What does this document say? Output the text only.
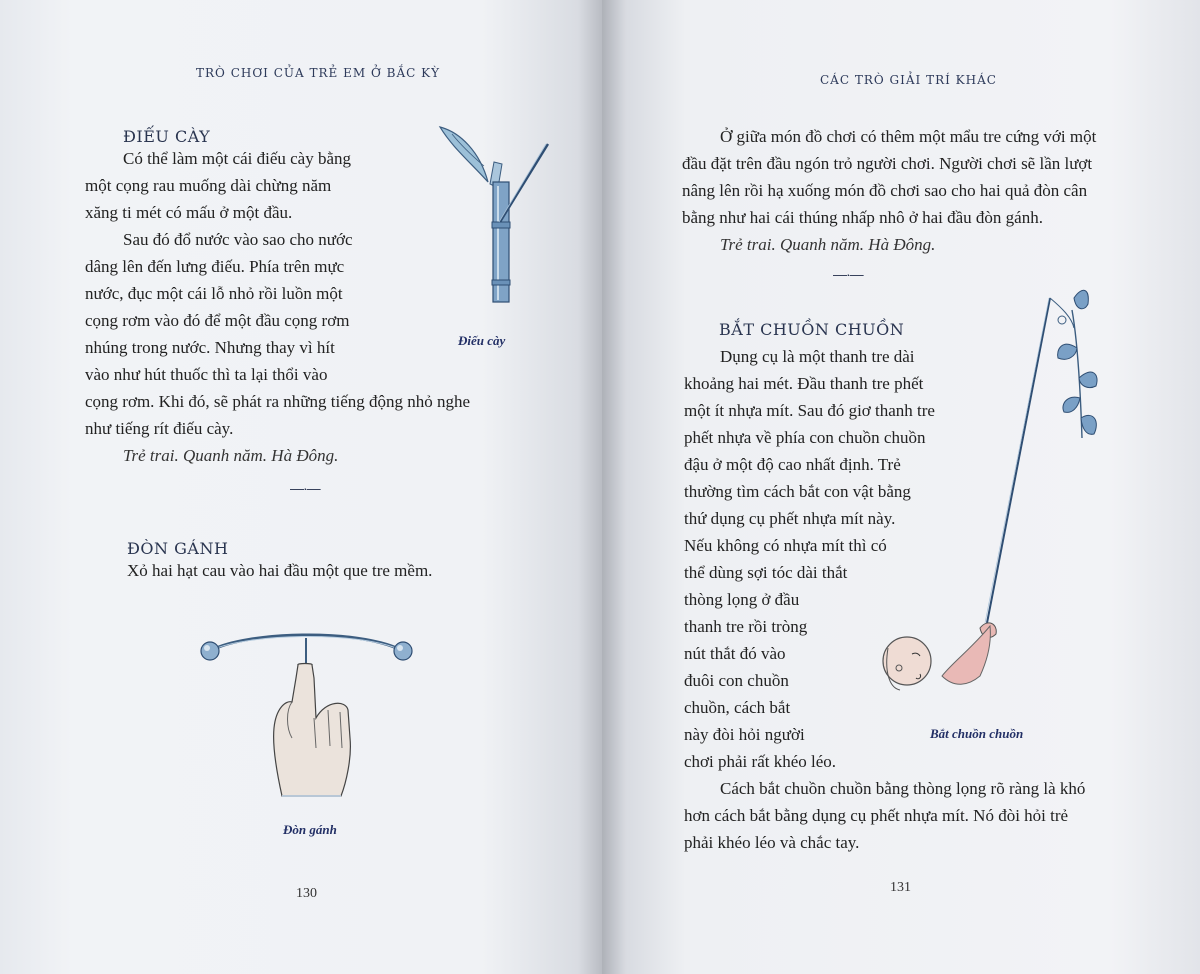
TRÒ CHƠI CỦA TRẺ EM Ở BẮC KỲ
ĐIẾU CÀY
Có thể làm một cái điếu cày bằng
một cọng rau muống dài chừng năm
xăng ti mét có mấu ở một đầu.
Sau đó đổ nước vào sao cho nước
dâng lên đến lưng điếu. Phía trên mực
nước, đục một cái lỗ nhỏ rồi luồn một
cọng rơm vào đó để một đầu cọng rơm
nhúng trong nước. Nhưng thay vì hít
vào như hút thuốc thì ta lại thổi vào
cọng rơm. Khi đó, sẽ phát ra những tiếng động nhỏ nghe
như tiếng rít điếu cày.
Trẻ trai. Quanh năm. Hà Đông.
Điếu cày
—·—
ĐÒN GÁNH
Xỏ hai hạt cau vào hai đầu một que tre mềm.
Đòn gánh
130
CÁC TRÒ GIẢI TRÍ KHÁC
Ở giữa món đồ chơi có thêm một mẩu tre cứng với một
đầu đặt trên đầu ngón trỏ người chơi. Người chơi sẽ lần lượt
nâng lên rồi hạ xuống món đồ chơi sao cho hai quả đòn cân
bằng như hai cái thúng nhấp nhô ở hai đầu đòn gánh.
Trẻ trai. Quanh năm. Hà Đông.
—·—
BẮT CHUỒN CHUỒN
Dụng cụ là một thanh tre dài
khoảng hai mét. Đầu thanh tre phết
một ít nhựa mít. Sau đó giơ thanh tre
phết nhựa về phía con chuồn chuồn
đậu ở một độ cao nhất định. Trẻ
thường tìm cách bắt con vật bằng
thứ dụng cụ phết nhựa mít này.
Nếu không có nhựa mít thì có
thể dùng sợi tóc dài thắt
thòng lọng ở đầu
thanh tre rồi tròng
nút thắt đó vào
đuôi con chuồn
chuồn, cách bắt
này đòi hỏi người
chơi phải rất khéo léo.
Cách bắt chuồn chuồn bằng thòng lọng rõ ràng là khó
hơn cách bắt bằng dụng cụ phết nhựa mít. Nó đòi hỏi trẻ
phải khéo léo và chắc tay.
Bắt chuồn chuồn
131
